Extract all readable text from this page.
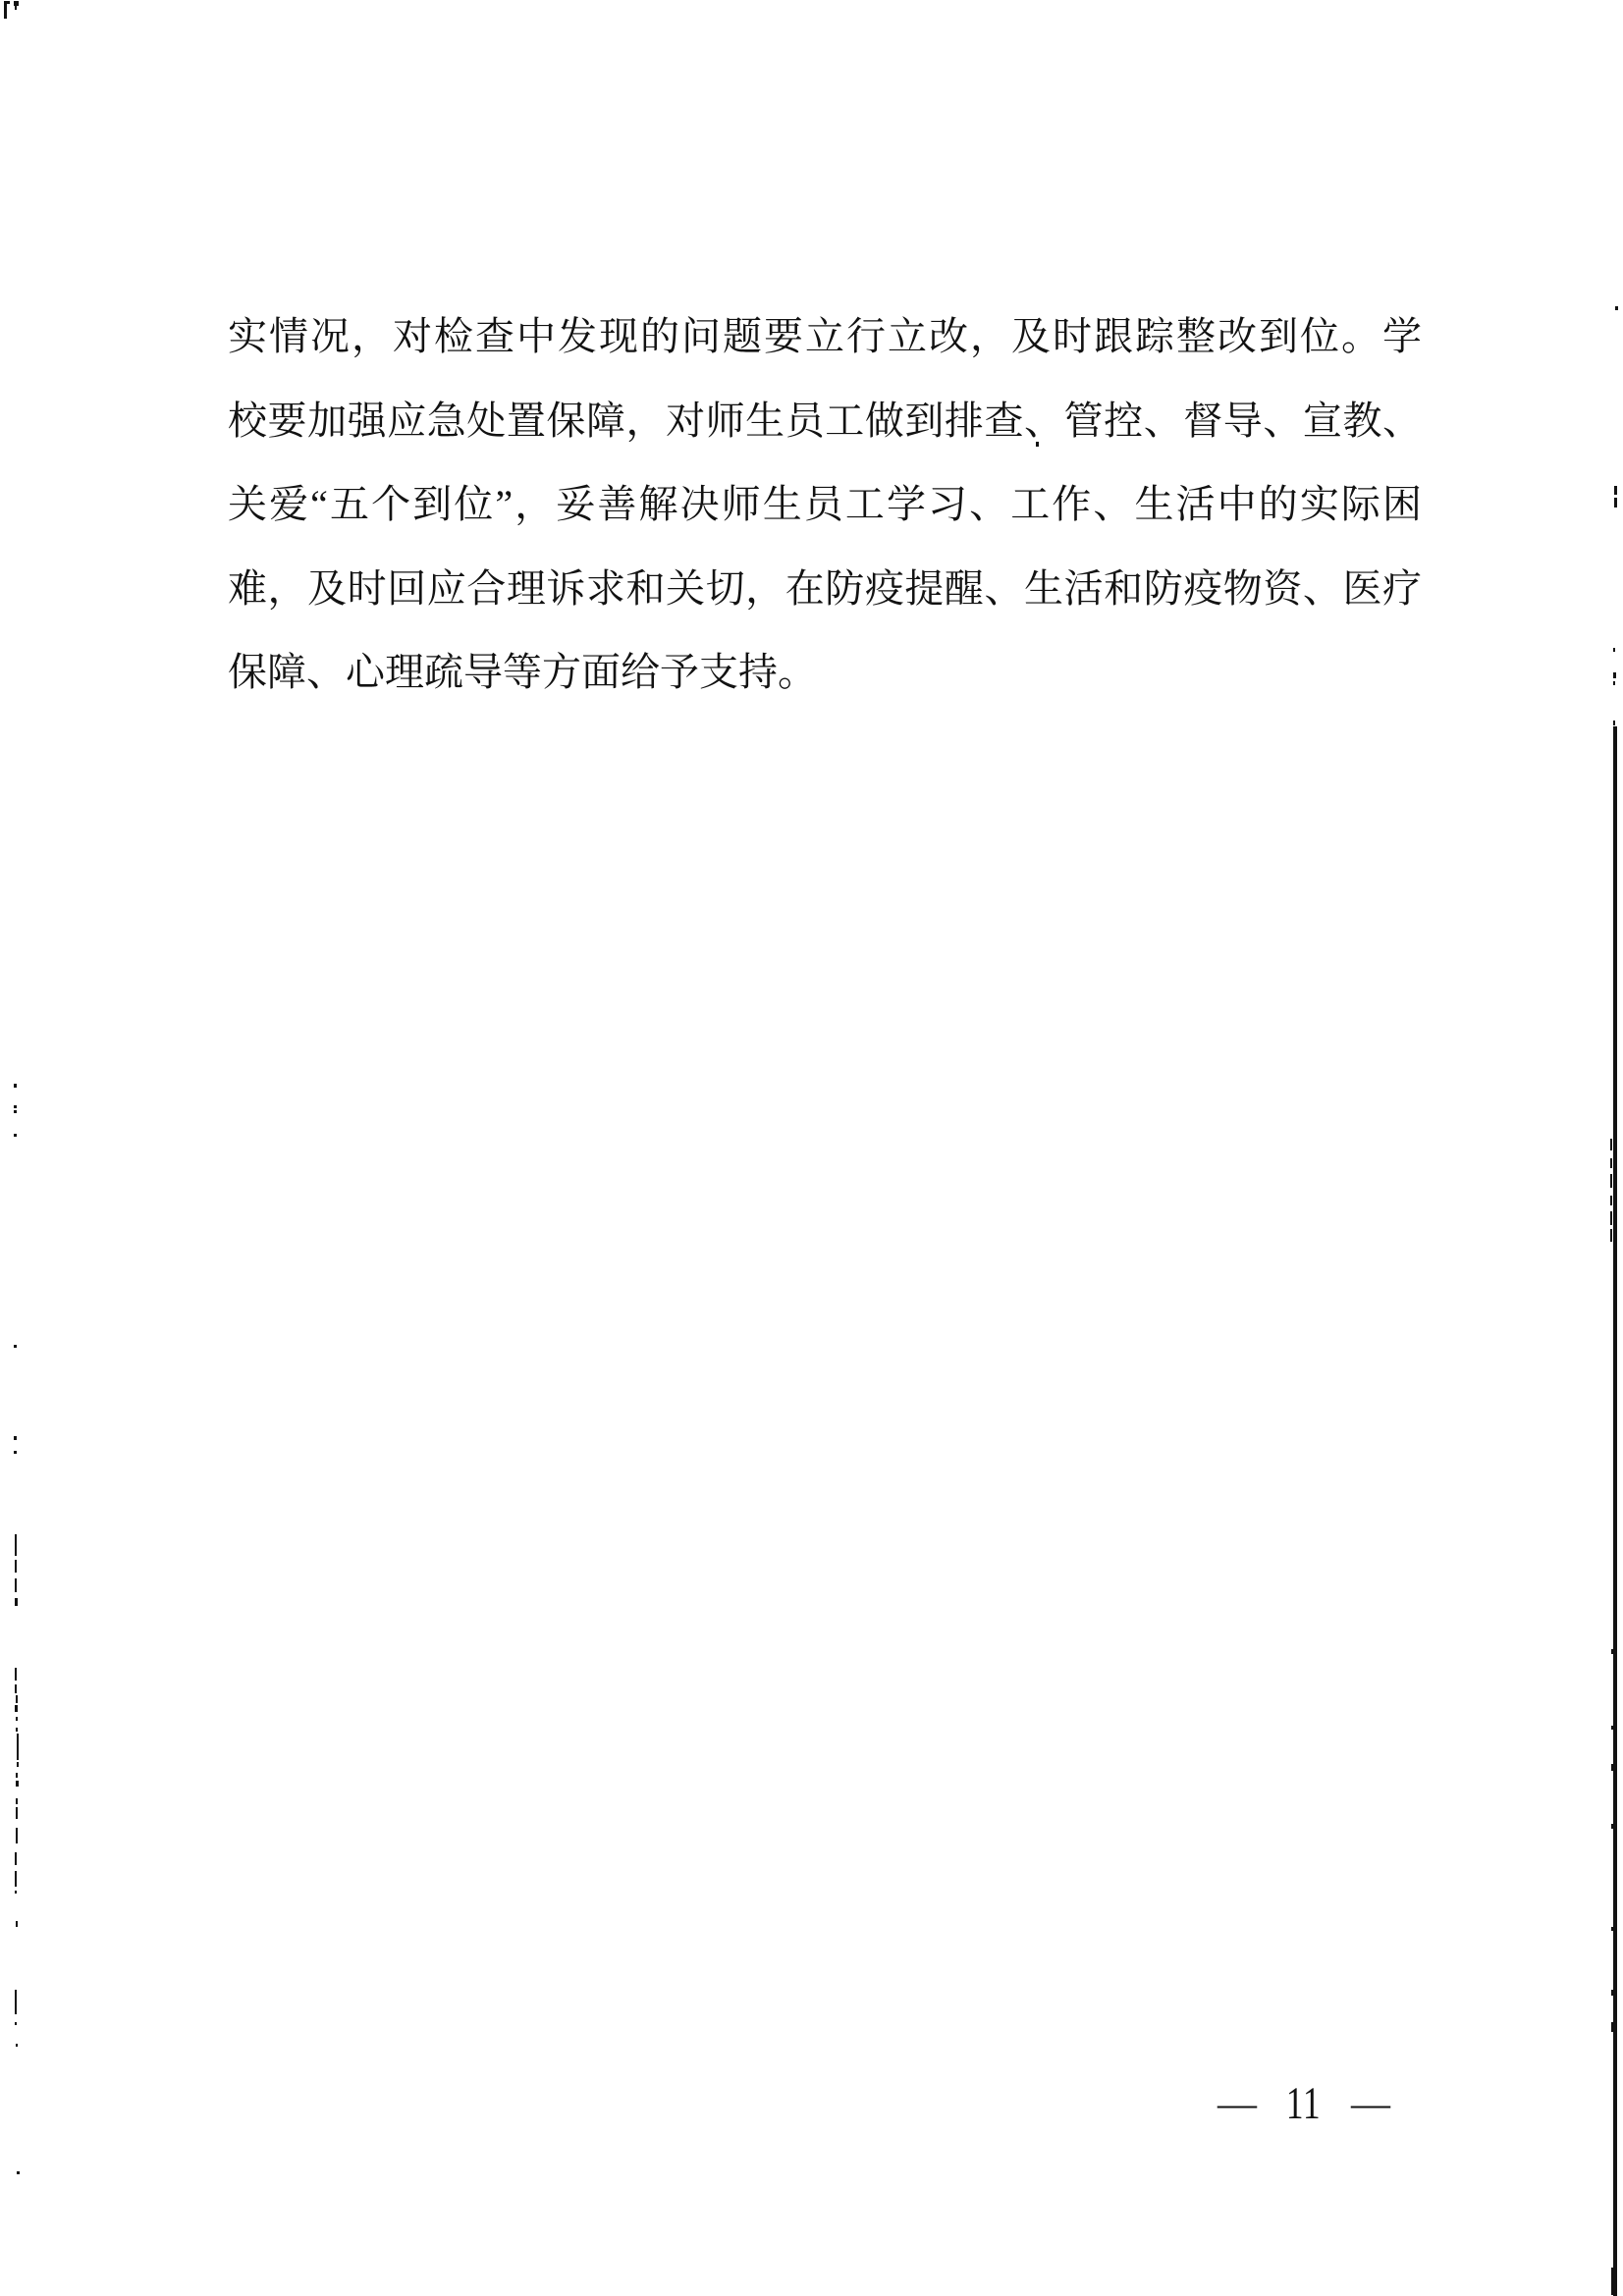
实情况，对检查中发现的问题要立行立改，及时跟踪整改到位。学
校要加强应急处置保障，对师生员工做到排查、管控、督导、宣教、
关爱“五个到位”，妥善解决师生员工学习、工作、生活中的实际困
难，及时回应合理诉求和关切，在防疫提醒、生活和防疫物资、医疗
保障、心理疏导等方面给予支持。
— 11 —
